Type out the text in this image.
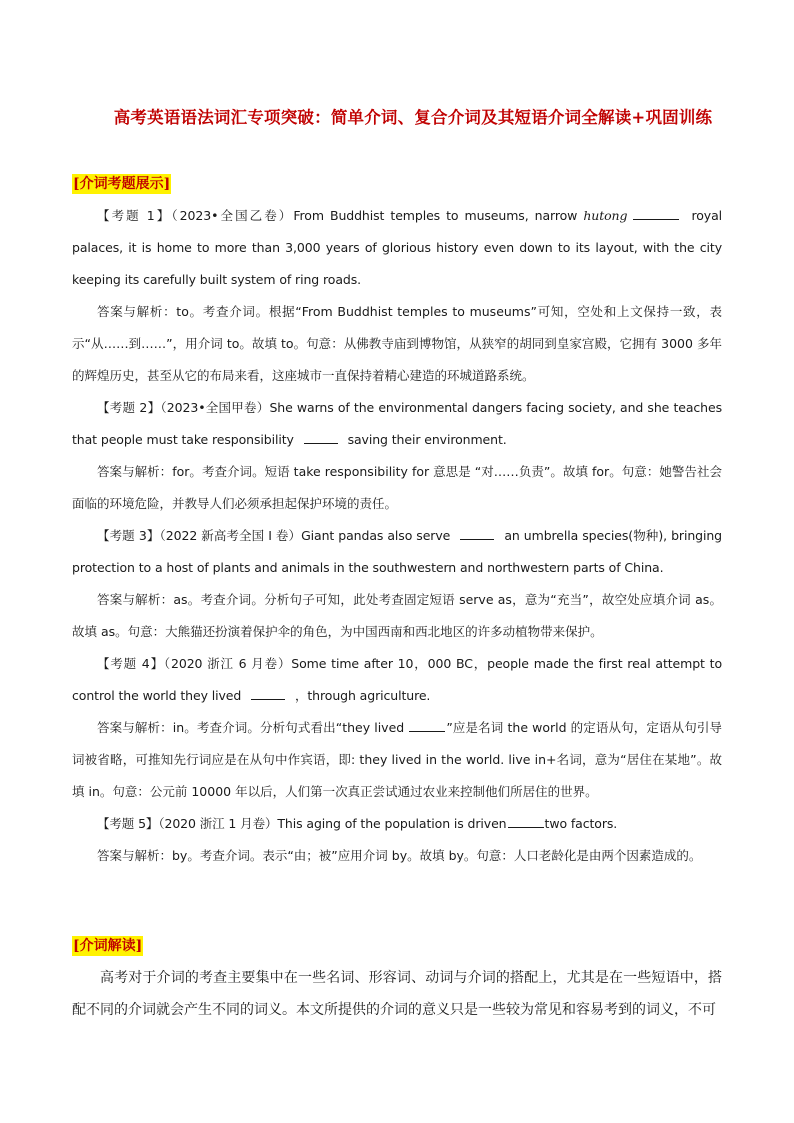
高考英语语法词汇专项突破：简单介词、复合介词及其短语介词全解读+巩固训练
[介词考题展示]

【考题 1】（2023•全国乙卷）From Buddhist temples to museums, narrow hutong	royal palaces, it is home to more than 3,000 years of glorious history even down to its layout, with the city keeping its carefully built system of ring roads.

答案与解析：to。考查介词。根据“From Buddhist temples to museums”可知，空处和上文保持一致，表示“从……到……”，用介词 to。故填 to。句意：从佛教寺庙到博物馆，从狭窄的胡同到皇家宫殿，它拥有 3000 多年的辉煌历史，甚至从它的布局来看，这座城市一直保持着精心建造的环城道路系统。

【考题 2】（2023•全国甲卷）She warns of the environmental dangers facing society, and she teaches that people must take responsibility	saving their environment.

答案与解析：for。考查介词。短语 take responsibility for 意思是 “对……负责”。故填 for。句意：她警告社会面临的环境危险，并教导人们必须承担起保护环境的责任。

【考题 3】（2022 新高考全国 I 卷）Giant pandas also serve	an umbrella species(物种), bringing protection to a host of plants and animals in the southwestern and northwestern parts of China.

答案与解析：as。考查介词。分析句子可知，此处考查固定短语 serve as，意为“充当”，故空处应填介词 as。故填 as。句意：大熊猫还扮演着保护伞的角色，为中国西南和西北地区的许多动植物带来保护。

【考题 4】（2020 浙江 6 月卷）Some time after 10，000 BC，people made the first real attempt to control the world they lived	，through agriculture.

答案与解析：in。考查介词。分析句式看出“they lived	”应是名词 the world 的定语从句，定语从句引导词被省略，可推知先行词应是在从句中作宾语，即: they lived in the world. live in+名词，意为“居住在某地”。故填 in。句意：公元前 10000 年以后，人们第一次真正尝试通过农业来控制他们所居住的世界。

【考题 5】（2020 浙江 1 月卷）This aging of the population is driven	two factors.

答案与解析：by。考查介词。表示“由；被”应用介词 by。故填 by。句意：人口老龄化是由两个因素造成的。

[介词解读]

高考对于介词的考查主要集中在一些名词、形容词、动词与介词的搭配上，尤其是在一些短语中，搭配不同的介词就会产生不同的词义。本文所提供的介词的意义只是一些较为常见和容易考到的词义，不可
